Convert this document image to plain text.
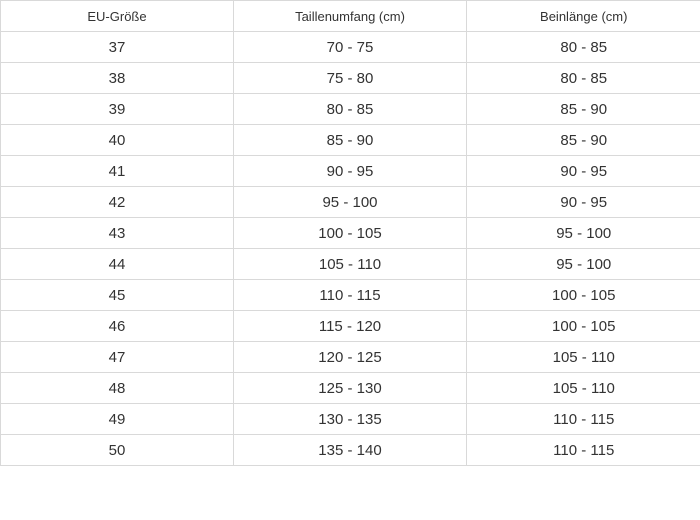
EU-Größe	Taillenumfang (cm)	Beinlänge (cm)
37	70 - 75	80 - 85
38	75 - 80	80 - 85
39	80 - 85	85 - 90
40	85 - 90	85 - 90
41	90 - 95	90 - 95
42	95 - 100	90 - 95
43	100 - 105	95 - 100
44	105 - 110	95 - 100
45	110 - 115	100 - 105
46	115 - 120	100 - 105
47	120 - 125	105 - 110
48	125 - 130	105 - 110
49	130 - 135	110 - 115
50	135 - 140	110 - 115
